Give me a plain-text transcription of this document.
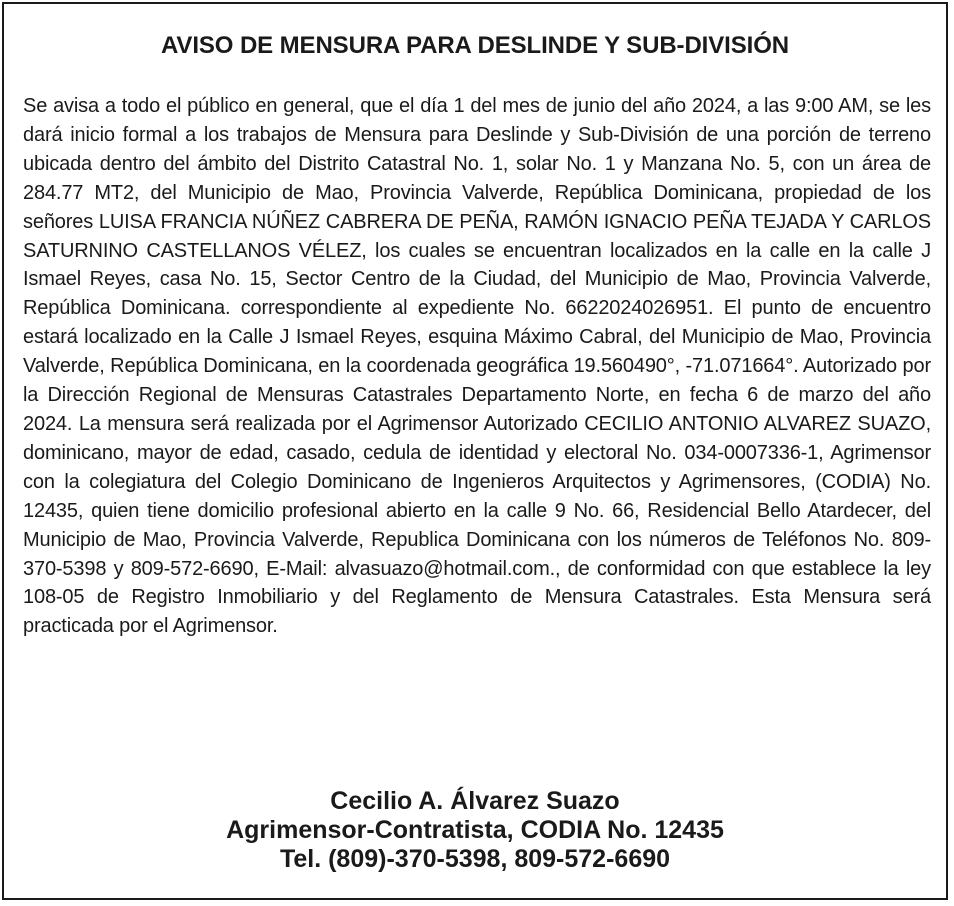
AVISO DE MENSURA PARA DESLINDE Y SUB-DIVISIÓN
Se avisa a todo el público en general, que el día 1 del mes de junio del año 2024, a las 9:00 AM, se les dará inicio formal a los trabajos de Mensura para Deslinde y Sub-División de una porción de terreno ubicada dentro del ámbito del Distrito Catastral No. 1, solar No. 1 y Manzana No. 5, con un área de 284.77 MT2, del Municipio de Mao, Provincia Valverde, República Dominicana, propiedad de los señores LUISA FRANCIA NÚÑEZ CABRERA DE PEÑA, RAMÓN IGNACIO PEÑA TEJADA Y CARLOS SATURNINO CASTELLANOS VÉLEZ, los cuales se encuentran localizados en la calle en la calle J Ismael Reyes, casa No. 15, Sector Centro de la Ciudad, del Municipio de Mao, Provincia Valverde, República Dominicana. correspondiente al expediente No. 6622024026951. El punto de encuentro estará localizado en la Calle J Ismael Reyes, esquina Máximo Cabral, del Municipio de Mao, Provincia Valverde, República Dominicana, en la coordenada geográfica 19.560490°, -71.071664°. Autorizado por la Dirección Regional de Mensuras Catastrales Departamento Norte, en fecha 6 de marzo del año 2024. La mensura será realizada por el Agrimensor Autorizado CECILIO ANTONIO ALVAREZ SUAZO, dominicano, mayor de edad, casado, cedula de identidad y electoral No. 034-0007336-1, Agrimensor con la colegiatura del Colegio Dominicano de Ingenieros Arquitectos y Agrimensores, (CODIA) No. 12435, quien tiene domicilio profesional abierto en la calle 9 No. 66, Residencial Bello Atardecer, del Municipio de Mao, Provincia Valverde, Republica Dominicana con los números de Teléfonos No. 809-370-5398 y 809-572-6690, E-Mail: alvasuazo@hotmail.com., de conformidad con que establece la ley 108-05 de Registro Inmobiliario y del Reglamento de Mensura Catastrales. Esta Mensura será practicada por el Agrimensor.
Cecilio A. Álvarez Suazo
Agrimensor-Contratista, CODIA No. 12435
Tel. (809)-370-5398, 809-572-6690
